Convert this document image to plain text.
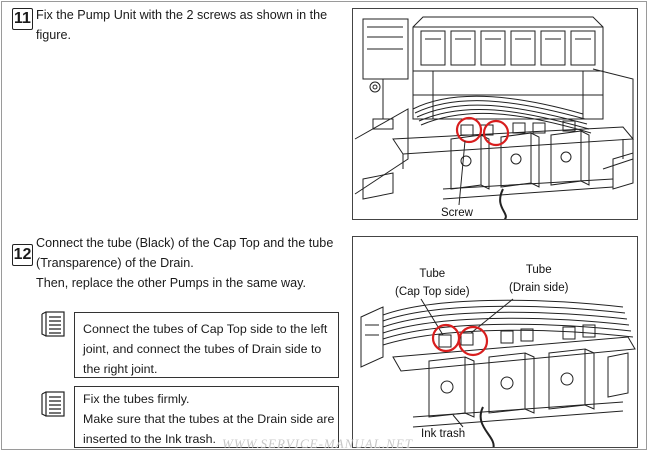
11 Fix the Pump Unit with the 2 screws as shown in the
figure.
Screw
12
Connect the tube (Black) of the Cap Top and the tube
(Transparence) of the Drain.
Then, replace the other Pumps in the same way.
Connect the tubes of Cap Top side to the left
joint, and connect the tubes of Drain side to
the right joint.
Fix the tubes firmly.
Make sure that the tubes at the Drain side are
inserted to the Ink trash.
Tube
(Cap Top side)
Tube
(Drain side)
Ink trash
WWW.SERVICE-MANUAL.NET
